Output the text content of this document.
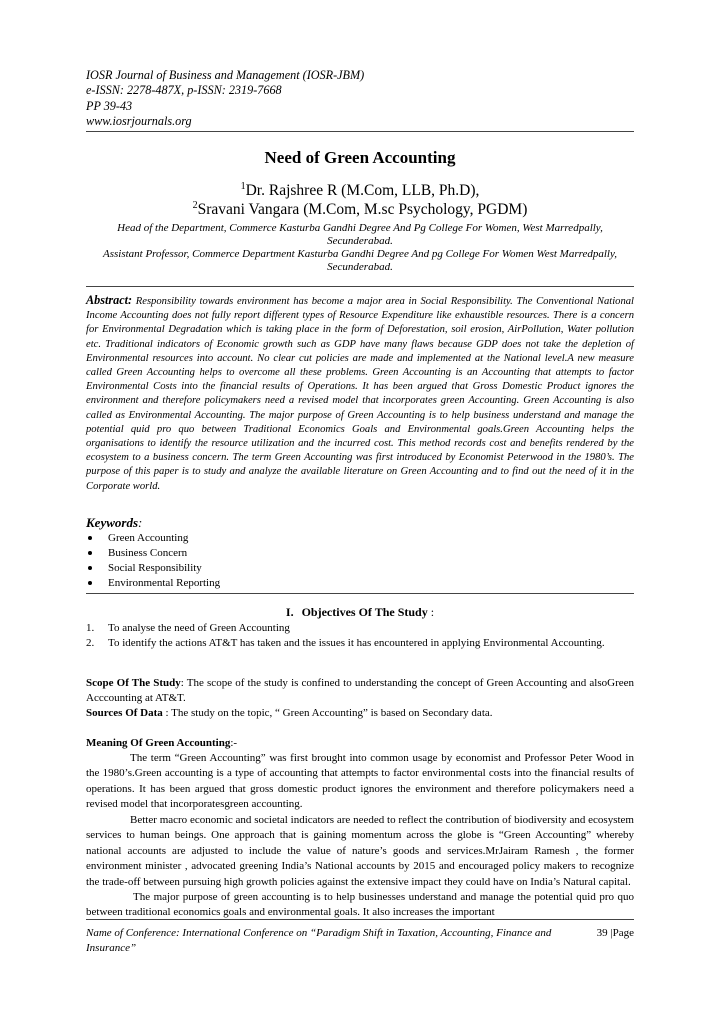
IOSR Journal of Business and Management (IOSR-JBM)
e-ISSN: 2278-487X, p-ISSN: 2319-7668
PP 39-43
www.iosrjournals.org
Need of Green Accounting
$^1$Dr. Rajshree R (M.Com, LLB, Ph.D),
$^2$Sravani Vangara (M.Com, M.sc Psychology, PGDM)
Head of the Department, Commerce Kasturba Gandhi Degree And Pg College For Women, West Marredpally, Secunderabad.
Assistant Professor, Commerce Department Kasturba Gandhi Degree And pg College For Women West Marredpally, Secunderabad.
Abstract: Responsibility towards environment has become a major area in Social Responsibility. The Conventional National Income Accounting does not fully report different types of Resource Expenditure like exhaustible resources. There is a concern for Environmental Degradation which is taking place in the form of Deforestation, soil erosion, AirPollution, Water pollution etc. Traditional indicators of Economic growth such as GDP have many flaws because GDP does not take the depletion of Environmental resources into account. No clear cut policies are made and implemented at the National level.A new measure called Green Accounting helps to overcome all these problems. Green Accounting is an Accounting that attempts to factor Environmental Costs into the financial results of Operations. It has been argued that Gross Domestic Product ignores the environment and therefore policymakers need a revised model that incorporates green Accounting. Green Accounting is also called as Environmental Accounting. The major purpose of Green Accounting is to help business understand and manage the potential quid pro quo between Traditional Economics Goals and Environmental goals.Green Accounting helps the organisations to identify the resource utilization and the incurred cost. This method records cost and benefits rendered by the ecosystem to a business concern. The term Green Accounting was first introduced by Economist Peterwood in the 1980’s. The purpose of this paper is to study and analyze the available literature on Green Accounting and to find out the need of it in the Corporate world.
Keywords:
Green Accounting
Business Concern
Social Responsibility
Environmental Reporting
I. Objectives Of The Study :
1. To analyse the need of Green Accounting
2. To identify the actions AT&T has taken and the issues it has encountered in applying Environmental Accounting.
Scope Of The Study: The scope of the study is confined to understanding the concept of Green Accounting and alsoGreen Acccounting at AT&T.
Sources Of Data : The study on the topic, “ Green Accounting” is based on Secondary data.
Meaning Of Green Accounting:-
The term “Green Accounting” was first brought into common usage by economist and Professor Peter Wood in the 1980’s.Green accounting is a type of accounting that attempts to factor environmental costs into the financial results of operations. It has been argued that gross domestic product ignores the environment and therefore policymakers need a revised model that incorporatesgreen accounting.
Better macro economic and societal indicators are needed to reflect the contribution of biodiversity and ecosystem services to human beings. One approach that is gaining momentum across the globe is “Green Accounting” whereby national accounts are adjusted to include the value of nature’s goods and services.MrJairam Ramesh , the former environment minister , advocated greening India’s National accounts by 2015 and encouraged policy makers to recognize the trade-off between pursuing high growth policies against the extensive impact they could have on India’s Natural capital.
The major purpose of green accounting is to help businesses understand and manage the potential quid pro quo between traditional economics goals and environmental goals. It also increases the important
Name of Conference: International Conference on “Paradigm Shift in Taxation, Accounting, Finance and Insurance”
39 |Page
